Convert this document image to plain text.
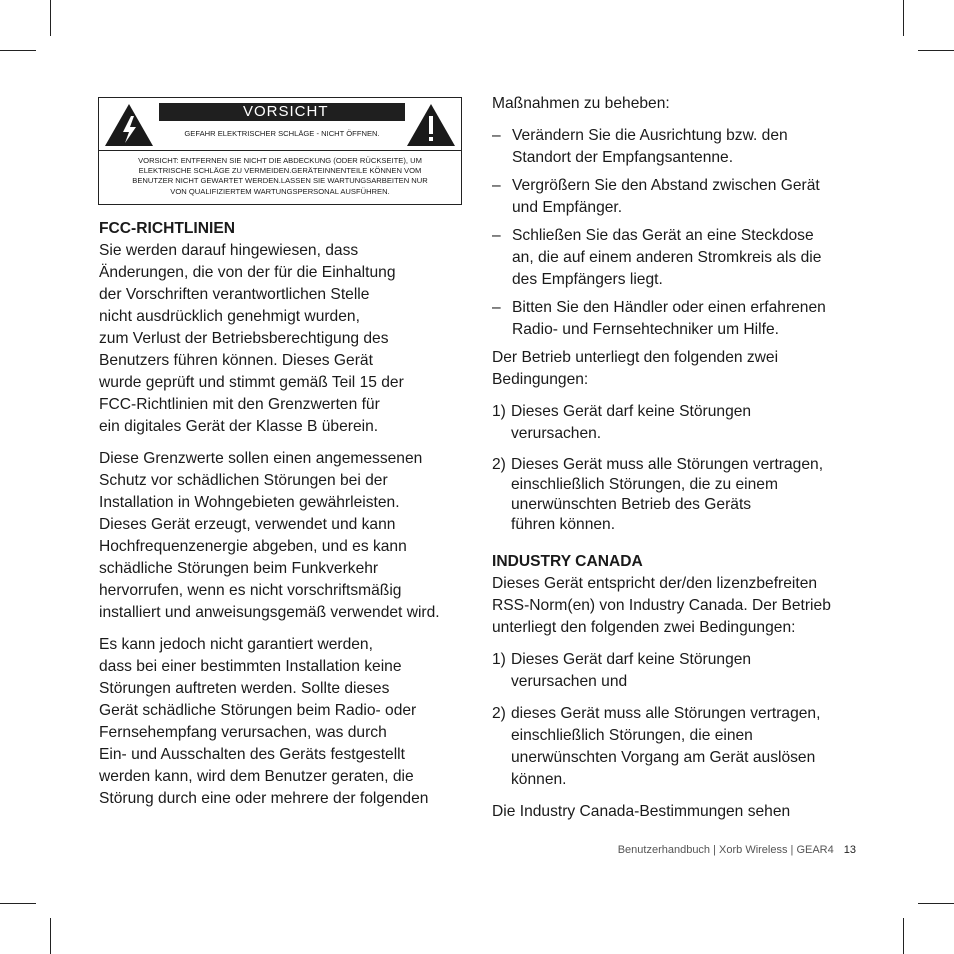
VORSICHT
GEFAHR ELEKTRISCHER SCHLÄGE - NICHT ÖFFNEN.
VORSICHT: ENTFERNEN SIE NICHT DIE ABDECKUNG (ODER RÜCKSEITE), UM
ELEKTRISCHE SCHLÄGE ZU VERMEIDEN.GERÄTEINNENTEILE KÖNNEN VOM
BENUTZER NICHT GEWARTET WERDEN.LASSEN SIE WARTUNGSARBEITEN NUR
VON QUALIFIZIERTEM WARTUNGSPERSONAL AUSFÜHREN.

FCC-RICHTLINIEN

Sie werden darauf hingewiesen, dass
Änderungen, die von der für die Einhaltung
der Vorschriften verantwortlichen Stelle
nicht ausdrücklich genehmigt wurden,
zum Verlust der Betriebsberechtigung des
Benutzers führen können. Dieses Gerät
wurde geprüft und stimmt gemäß Teil 15 der
FCC-Richtlinien mit den Grenzwerten für
ein digitales Gerät der Klasse B überein.
Diese Grenzwerte sollen einen angemessenen
Schutz vor schädlichen Störungen bei der
Installation in Wohngebieten gewährleisten.
Dieses Gerät erzeugt, verwendet und kann
Hochfrequenzenergie abgeben, und es kann
schädliche Störungen beim Funkverkehr
hervorrufen, wenn es nicht vorschriftsmäßig
installiert und anweisungsgemäß verwendet wird.
Es kann jedoch nicht garantiert werden,
dass bei einer bestimmten Installation keine
Störungen auftreten werden. Sollte dieses
Gerät schädliche Störungen beim Radio- oder
Fernsehempfang verursachen, was durch
Ein- und Ausschalten des Geräts festgestellt
werden kann, wird dem Benutzer geraten, die
Störung durch eine oder mehrere der folgenden

Maßnahmen zu beheben:

– Verändern Sie die Ausrichtung bzw. den
Standort der Empfangsantenne.
– Vergrößern Sie den Abstand zwischen Gerät
und Empfänger.
– Schließen Sie das Gerät an eine Steckdose
an, die auf einem anderen Stromkreis als die
des Empfängers liegt.
– Bitten Sie den Händler oder einen erfahrenen
Radio- und Fernsehtechniker um Hilfe.
Der Betrieb unterliegt den folgenden zwei
Bedingungen:
1) Dieses Gerät darf keine Störungen
verursachen.
2) Dieses Gerät muss alle Störungen vertragen,
einschließlich Störungen, die zu einem
unerwünschten Betrieb des Geräts
führen können.

INDUSTRY CANADA

Dieses Gerät entspricht der/den lizenzbefreiten
RSS-Norm(en) von Industry Canada. Der Betrieb
unterliegt den folgenden zwei Bedingungen:
1) Dieses Gerät darf keine Störungen
verursachen und
2) dieses Gerät muss alle Störungen vertragen,
einschließlich Störungen, die einen
unerwünschten Vorgang am Gerät auslösen
können.

Die Industry Canada-Bestimmungen sehen

Benutzerhandbuch | Xorb Wireless | GEAR4 13
